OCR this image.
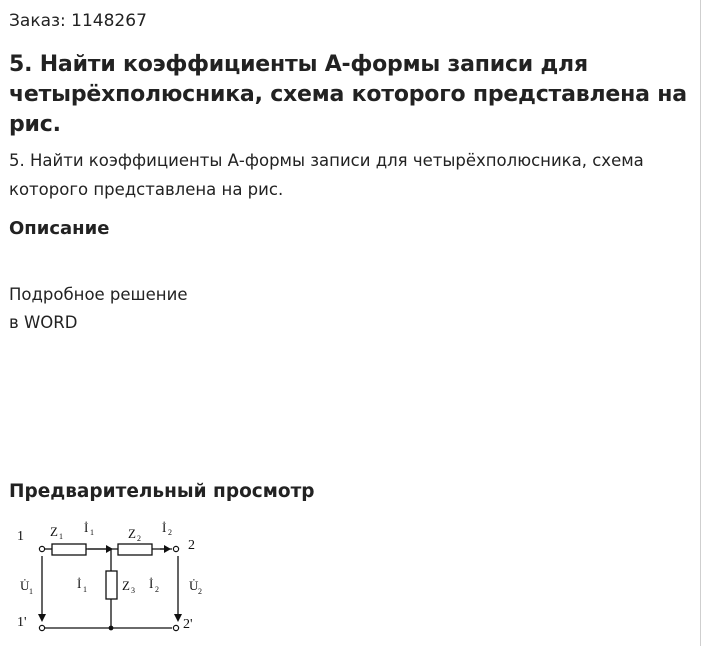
Заказ: 1148267
5. Найти коэффициенты А-формы записи для четырёхполюсника, схема которого представлена на рис.

5. Найти коэффициенты А-формы записи для четырёхполюсника, схема которого представлена на рис.

Описание
Подробное решение
в WORD
Предварительный просмотр
1
2
1'	2'
Z 1
İ 1	Z 2
İ 2
U̇ 1
İ 1	Z 3 İ 2 U̇ 2
